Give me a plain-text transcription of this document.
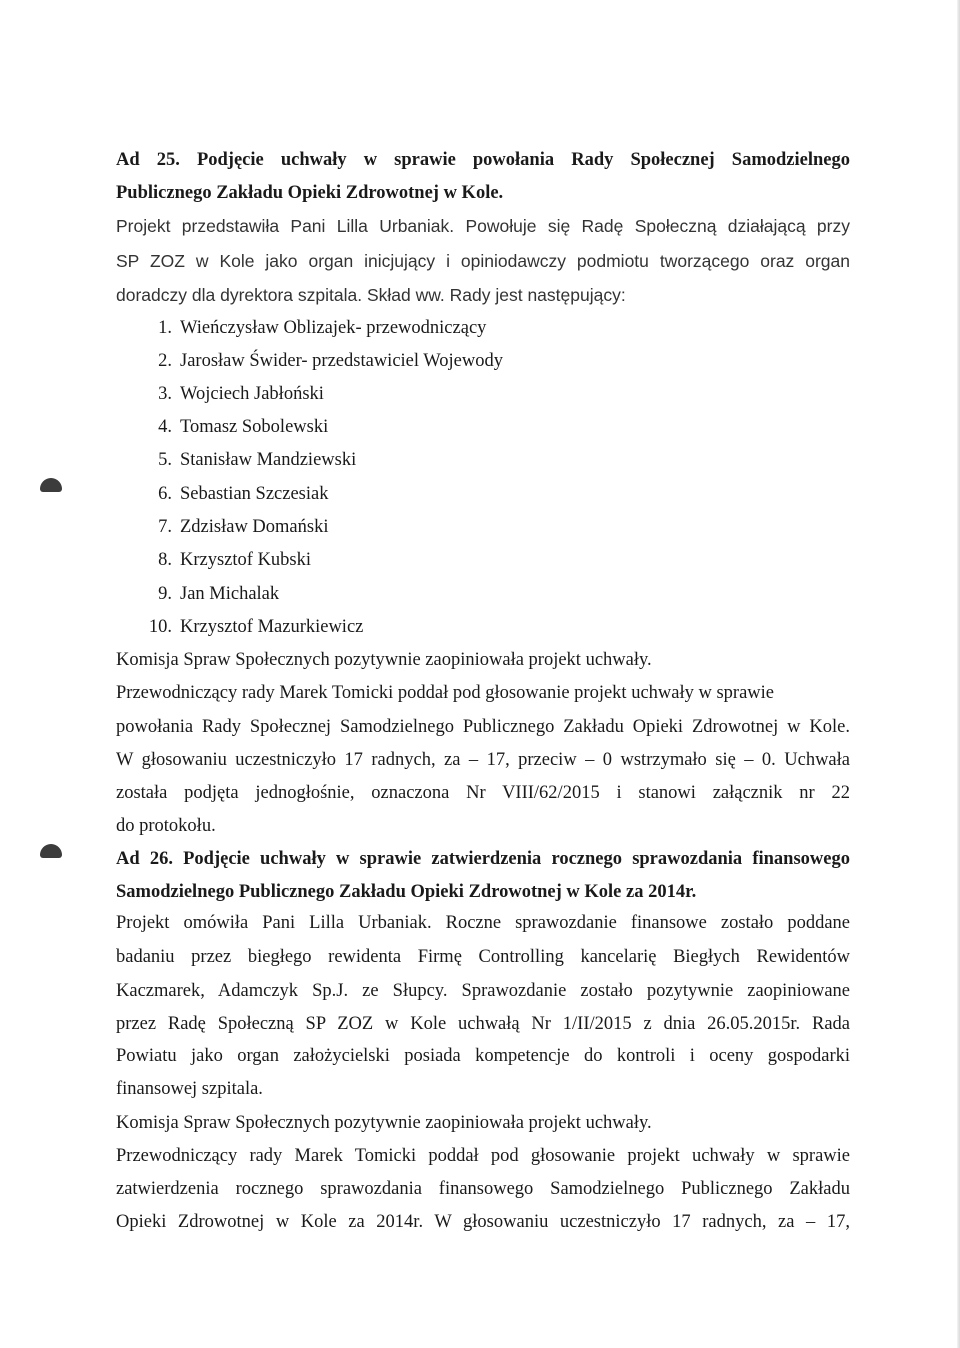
Ad 25. Podjęcie uchwały w sprawie powołania Rady Społecznej Samodzielnego
Publicznego Zakładu Opieki Zdrowotnej w Kole.
Projekt przedstawiła Pani Lilla Urbaniak. Powołuje się Radę Społeczną działającą przy
SP ZOZ w Kole jako organ inicjujący i opiniodawczy podmiotu tworzącego oraz organ
doradczy dla dyrektora szpitala. Skład ww. Rady jest następujący:
1. Wieńczysław Oblizajek- przewodniczący
2. Jarosław Świder- przedstawiciel Wojewody
3. Wojciech Jabłoński
4. Tomasz Sobolewski
5. Stanisław Mandziewski
6. Sebastian Szczesiak
7. Zdzisław Domański
8. Krzysztof Kubski
9. Jan Michalak
10. Krzysztof Mazurkiewicz
Komisja Spraw Społecznych pozytywnie zaopiniowała projekt uchwały.
Przewodniczący rady Marek Tomicki poddał pod głosowanie projekt uchwały w sprawie
powołania Rady Społecznej Samodzielnego Publicznego Zakładu Opieki Zdrowotnej w Kole.
W głosowaniu uczestniczyło 17 radnych, za – 17, przeciw – 0 wstrzymało się – 0. Uchwała
została podjęta jednogłośnie, oznaczona Nr VIII/62/2015 i stanowi załącznik nr 22
do protokołu.
Ad 26. Podjęcie uchwały w sprawie zatwierdzenia rocznego sprawozdania finansowego
Samodzielnego Publicznego Zakładu Opieki Zdrowotnej w Kole za 2014r.
Projekt omówiła Pani Lilla Urbaniak. Roczne sprawozdanie finansowe zostało poddane
badaniu przez biegłego rewidenta Firmę Controlling kancelarię Biegłych Rewidentów
Kaczmarek, Adamczyk Sp.J. ze Słupcy. Sprawozdanie zostało pozytywnie zaopiniowane
przez Radę Społeczną SP ZOZ w Kole uchwałą Nr 1/II/2015 z dnia 26.05.2015r. Rada
Powiatu jako organ założycielski posiada kompetencje do kontroli i oceny gospodarki
finansowej szpitala.
Komisja Spraw Społecznych pozytywnie zaopiniowała projekt uchwały.
Przewodniczący rady Marek Tomicki poddał pod głosowanie projekt uchwały w sprawie
zatwierdzenia rocznego sprawozdania finansowego Samodzielnego Publicznego Zakładu
Opieki Zdrowotnej w Kole za 2014r. W głosowaniu uczestniczyło 17 radnych, za – 17,
